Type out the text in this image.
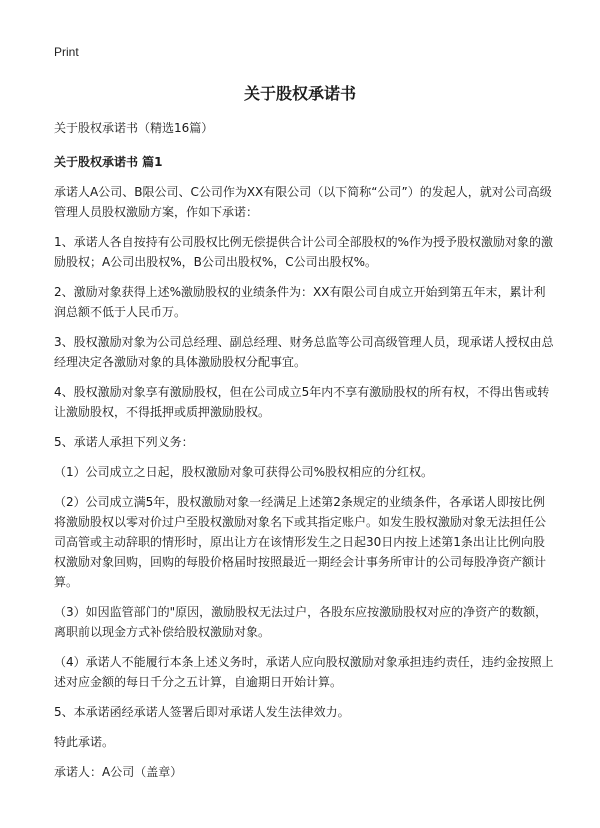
Print
关于股权承诺书

关于股权承诺书（精选16篇）

关于股权承诺书 篇1

承诺人A公司、B限公司、C公司作为XX有限公司（以下简称“公司”）的发起人，就对公司高级管理人员股权激励方案，作如下承诺：

1、承诺人各自按持有公司股权比例无偿提供合计公司全部股权的%作为授予股权激励对象的激励股权；A公司出股权%，B公司出股权%，C公司出股权%。

2、激励对象获得上述%激励股权的业绩条件为：XX有限公司自成立开始到第五年末，累计利润总额不低于人民币万。

3、股权激励对象为公司总经理、副总经理、财务总监等公司高级管理人员，现承诺人授权由总经理决定各激励对象的具体激励股权分配事宜。

4、股权激励对象享有激励股权，但在公司成立5年内不享有激励股权的所有权，不得出售或转让激励股权，不得抵押或质押激励股权。

5、承诺人承担下列义务：

（1）公司成立之日起，股权激励对象可获得公司%股权相应的分红权。

（2）公司成立满5年，股权激励对象一经满足上述第2条规定的业绩条件，各承诺人即按比例将激励股权以零对价过户至股权激励对象名下或其指定账户。如发生股权激励对象无法担任公司高管或主动辞职的情形时，原出让方在该情形发生之日起30日内按上述第1条出让比例向股权激励对象回购，回购的每股价格届时按照最近一期经会计事务所审计的公司每股净资产额计算。

（3）如因监管部门的"原因，激励股权无法过户，各股东应按激励股权对应的净资产的数额，离职前以现金方式补偿给股权激励对象。

（4）承诺人不能履行本条上述义务时，承诺人应向股权激励对象承担违约责任，违约金按照上述对应金额的每日千分之五计算，自逾期日开始计算。

5、本承诺函经承诺人签署后即对承诺人发生法律效力。

特此承诺。

承诺人：A公司（盖章）
